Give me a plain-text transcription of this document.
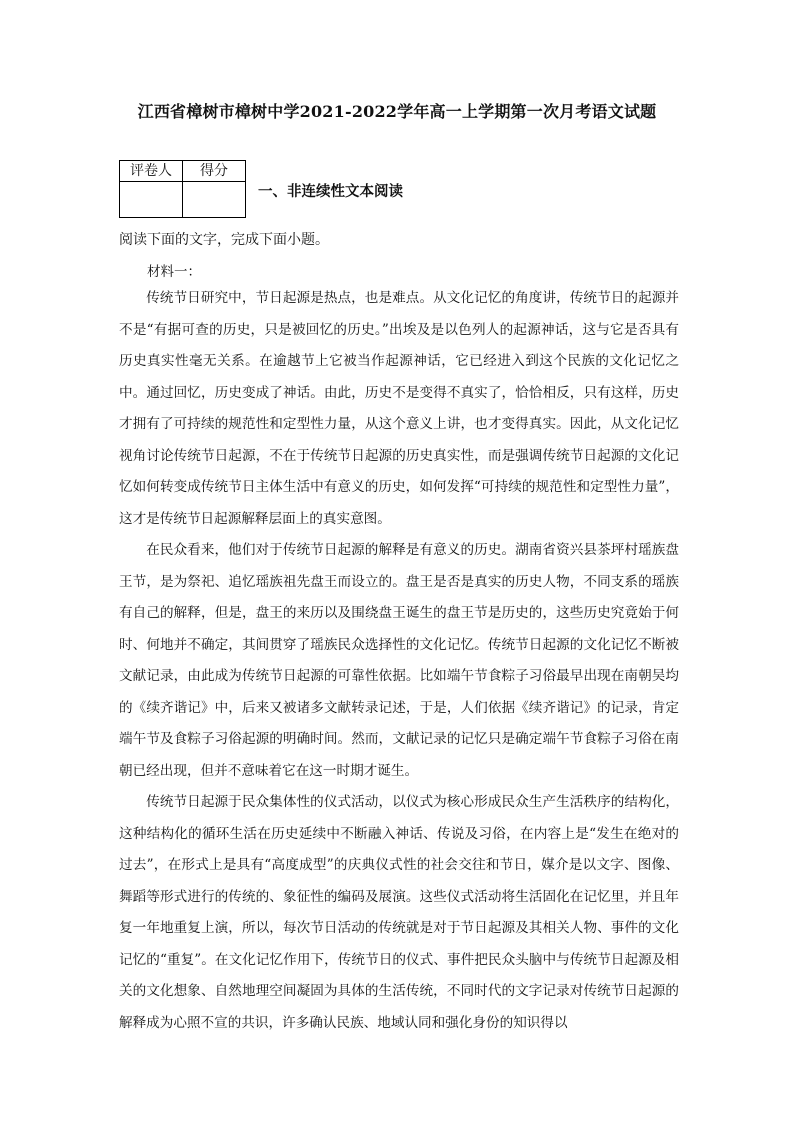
江西省樟树市樟树中学2021-2022学年高一上学期第一次月考语文试题
评卷人	得分

一、非连续性文本阅读
阅读下面的文字，完成下面小题。
材料一：

传统节日研究中，节日起源是热点，也是难点。从文化记忆的角度讲，传统节日的起源并不是“有据可查的历史，只是被回忆的历史。”出埃及是以色列人的起源神话，这与它是否具有历史真实性毫无关系。在逾越节上它被当作起源神话，它已经进入到这个民族的文化记忆之中。通过回忆，历史变成了神话。由此，历史不是变得不真实了，恰恰相反，只有这样，历史才拥有了可持续的规范性和定型性力量，从这个意义上讲，也才变得真实。因此，从文化记忆视角讨论传统节日起源，不在于传统节日起源的历史真实性，而是强调传统节日起源的文化记忆如何转变成传统节日主体生活中有意义的历史，如何发挥“可持续的规范性和定型性力量”，这才是传统节日起源解释层面上的真实意图。

在民众看来，他们对于传统节日起源的解释是有意义的历史。湖南省资兴县茶坪村瑶族盘王节，是为祭祀、追忆瑶族祖先盘王而设立的。盘王是否是真实的历史人物，不同支系的瑶族有自己的解释，但是，盘王的来历以及围绕盘王诞生的盘王节是历史的，这些历史究竟始于何时、何地并不确定，其间贯穿了瑶族民众选择性的文化记忆。传统节日起源的文化记忆不断被文献记录，由此成为传统节日起源的可靠性依据。比如端午节食粽子习俗最早出现在南朝吴均的《续齐谐记》中，后来又被诸多文献转录记述，于是，人们依据《续齐谐记》的记录，肯定端午节及食粽子习俗起源的明确时间。然而，文献记录的记忆只是确定端午节食粽子习俗在南朝已经出现，但并不意味着它在这一时期才诞生。

传统节日起源于民众集体性的仪式活动，以仪式为核心形成民众生产生活秩序的结构化，这种结构化的循环生活在历史延续中不断融入神话、传说及习俗，在内容上是“发生在绝对的过去”，在形式上是具有“高度成型”的庆典仪式性的社会交往和节日，媒介是以文字、图像、舞蹈等形式进行的传统的、象征性的编码及展演。这些仪式活动将生活固化在记忆里，并且年复一年地重复上演，所以，每次节日活动的传统就是对于节日起源及其相关人物、事件的文化记忆的“重复”。在文化记忆作用下，传统节日的仪式、事件把民众头脑中与传统节日起源及相关的文化想象、自然地理空间凝固为具体的生活传统，不同时代的文字记录对传统节日起源的解释成为心照不宣的共识，许多确认民族、地域认同和强化身份的知识得以
